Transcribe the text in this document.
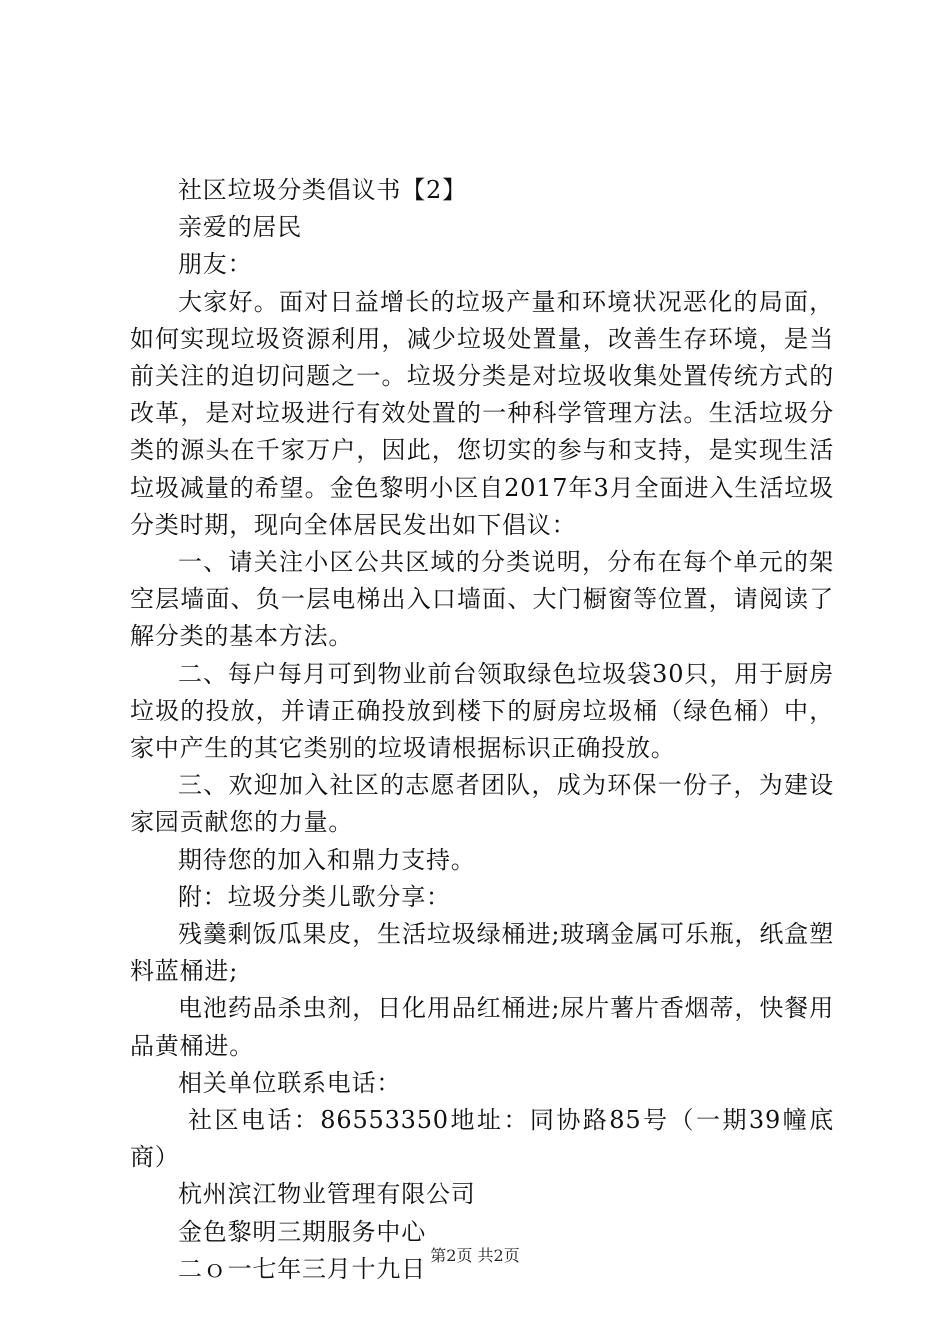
社区垃圾分类倡议书【2】

亲爱的居民

朋友：

大家好。面对日益增长的垃圾产量和环境状况恶化的局面，如何实现垃圾资源利用，减少垃圾处置量，改善生存环境，是当前关注的迫切问题之一。垃圾分类是对垃圾收集处置传统方式的改革，是对垃圾进行有效处置的一种科学管理方法。生活垃圾分类的源头在千家万户，因此，您切实的参与和支持，是实现生活垃圾减量的希望。金色黎明小区自2017年3月全面进入生活垃圾分类时期，现向全体居民发出如下倡议：

一、请关注小区公共区域的分类说明，分布在每个单元的架空层墙面、负一层电梯出入口墙面、大门橱窗等位置，请阅读了解分类的基本方法。

二、每户每月可到物业前台领取绿色垃圾袋30只，用于厨房垃圾的投放，并请正确投放到楼下的厨房垃圾桶（绿色桶）中，家中产生的其它类别的垃圾请根据标识正确投放。

三、欢迎加入社区的志愿者团队，成为环保一份子，为建设家园贡献您的力量。

期待您的加入和鼎力支持。

附：垃圾分类儿歌分享：

残羹剩饭瓜果皮，生活垃圾绿桶进;玻璃金属可乐瓶，纸盒塑料蓝桶进;

电池药品杀虫剂，日化用品红桶进;尿片薯片香烟蒂，快餐用品黄桶进。

相关单位联系电话：

社区电话：86553350地址：同协路85号（一期39幢底商）

杭州滨江物业管理有限公司

金色黎明三期服务中心

二ｏ一七年三月十九日 第2页 共2页
